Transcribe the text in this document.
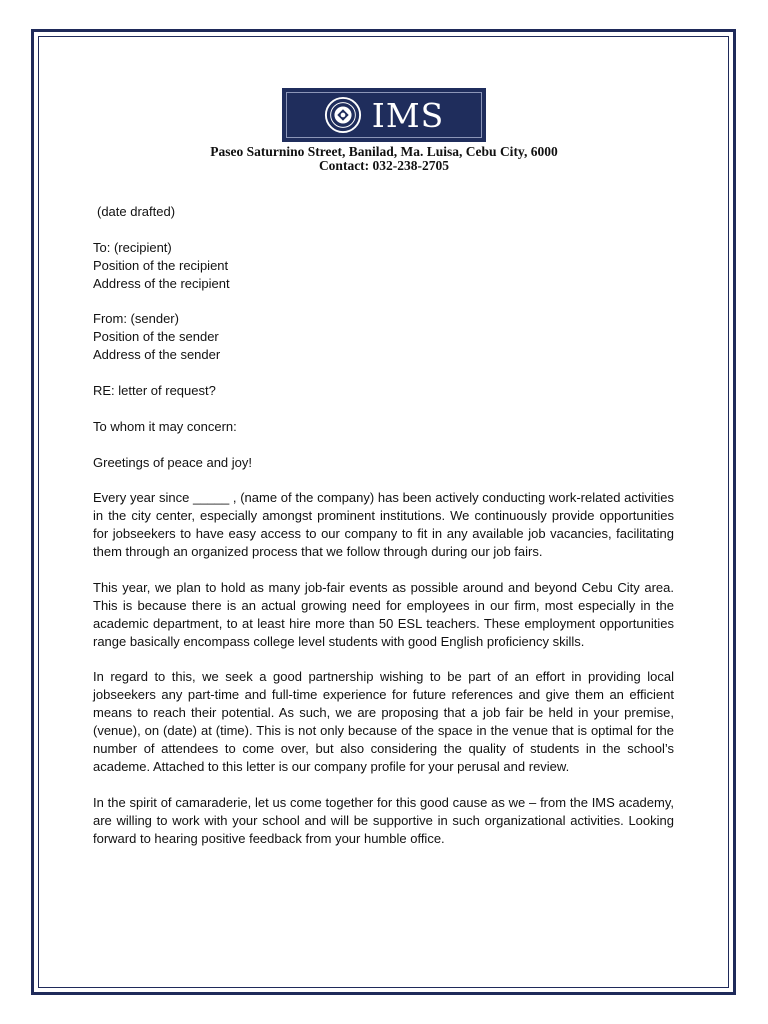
IMS
Paseo Saturnino Street, Banilad, Ma. Luisa, Cebu City, 6000
Contact: 032-238-2705

(date drafted)

To: (recipient)
Position of the recipient
Address of the recipient

From: (sender)
Position of the sender
Address of the sender

RE: letter of request?

To whom it may concern:

Greetings of peace and joy!

Every year since _____ , (name of the company) has been actively conducting work-related activities in the city center, especially amongst prominent institutions. We continuously provide opportunities for jobseekers to have easy access to our company to fit in any available job vacancies, facilitating them through an organized process that we follow through during our job fairs.

This year, we plan to hold as many job-fair events as possible around and beyond Cebu City area. This is because there is an actual growing need for employees in our firm, most especially in the academic department, to at least hire more than 50 ESL teachers. These employment opportunities range basically encompass college level students with good English proficiency skills.

In regard to this, we seek a good partnership wishing to be part of an effort in providing local jobseekers any part-time and full-time experience for future references and give them an efficient means to reach their potential. As such, we are proposing that a job fair be held in your premise, (venue), on (date) at (time). This is not only because of the space in the venue that is optimal for the number of attendees to come over, but also considering the quality of students in the school’s academe. Attached to this letter is our company profile for your perusal and review.

In the spirit of camaraderie, let us come together for this good cause as we – from the IMS academy, are willing to work with your school and will be supportive in such organizational activities. Looking forward to hearing positive feedback from your humble office.
